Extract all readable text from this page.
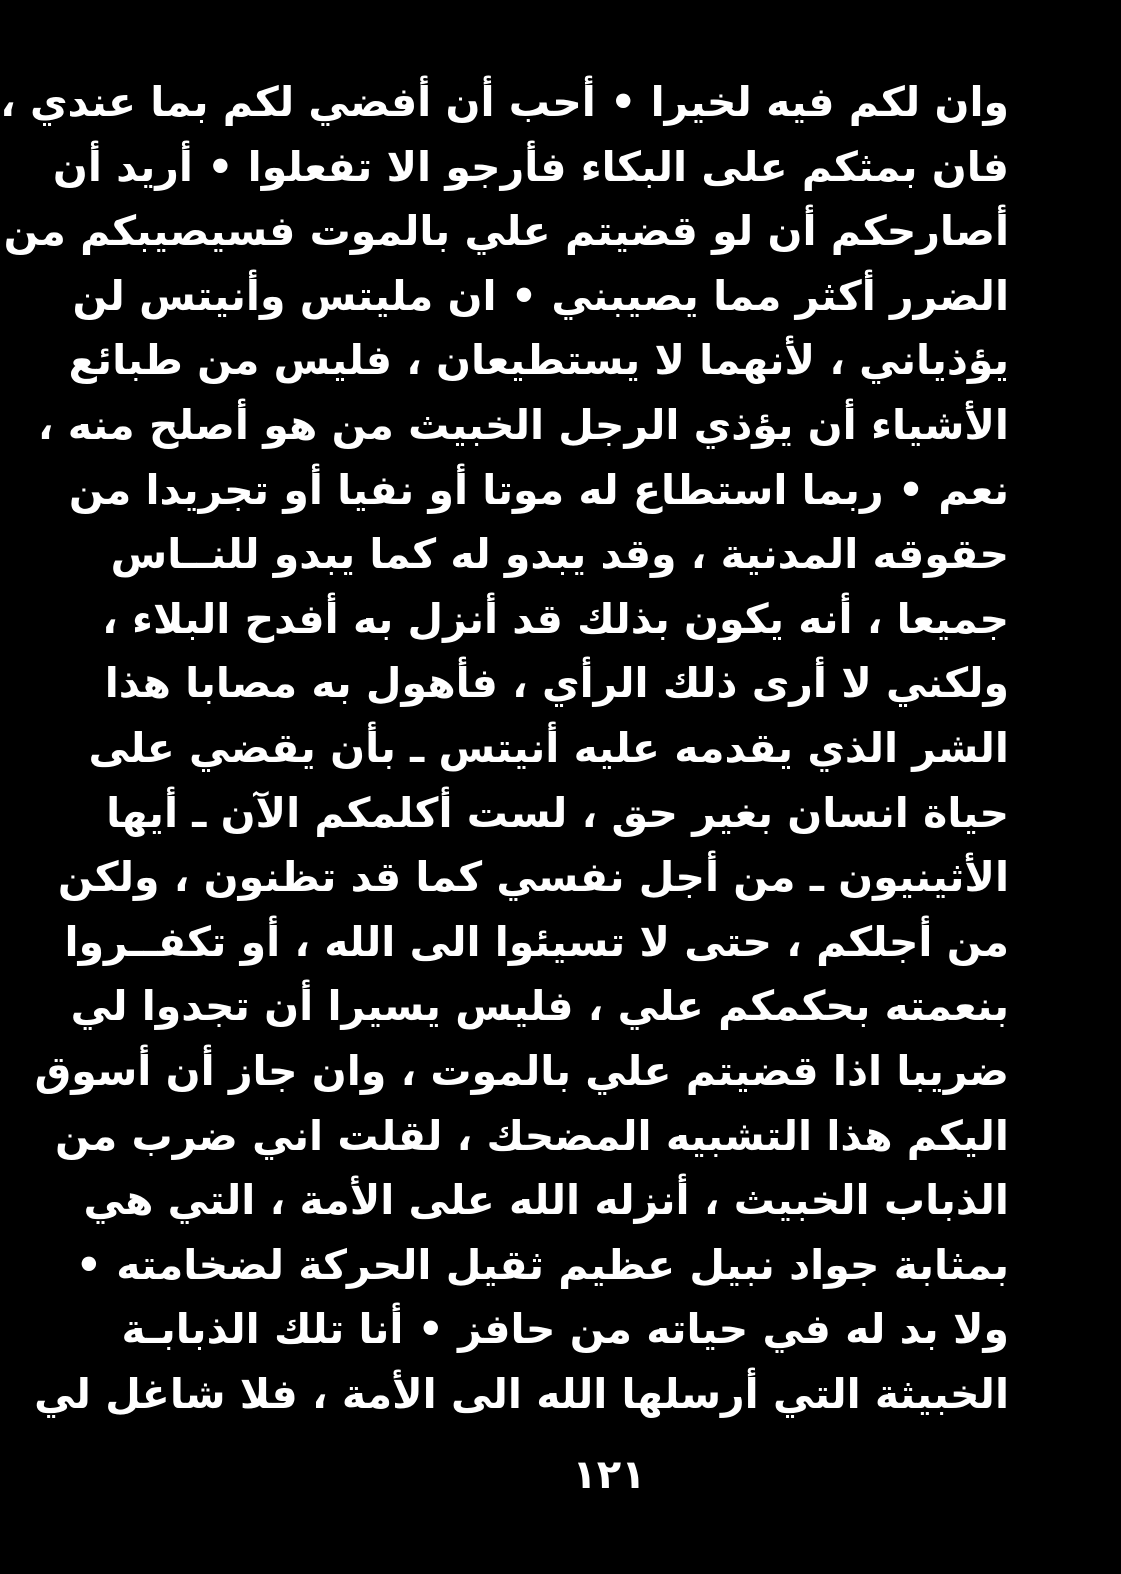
وان لكم فيه لخيرا • أحب أن أفضي لكم بما عندي ،
فان بمثكم على البكاء فأرجو الا تفعلوا • أريد أن
أصارحكم أن لو قضيتم علي بالموت فسيصيبكم من
الضرر أكثر مما يصيبني • ان مليتس وأنيتس لن
يؤذياني ، لأنهما لا يستطيعان ، فليس من طبائع
الأشياء أن يؤذي الرجل الخبيث من هو أصلح منه ،
نعم • ربما استطاع له موتا أو نفيا أو تجريدا من
حقوقه المدنية ، وقد يبدو له كما يبدو للنــاس
جميعا ، أنه يكون بذلك قد أنزل به أفدح البلاء ،
ولكني لا أرى ذلك الرأي ، فأهول به مصابا هذا
الشر الذي يقدمه عليه أنيتس ـ بأن يقضي على
حياة انسان بغير حق ، لست أكلمكم الآن ـ أيها
الأثينيون ـ من أجل نفسي كما قد تظنون ، ولكن
من أجلكم ، حتى لا تسيئوا الى الله ، أو تكفــروا
بنعمته بحكمكم علي ، فليس يسيرا أن تجدوا لي
ضريبا اذا قضيتم علي بالموت ، وان جاز أن أسوق
اليكم هذا التشبيه المضحك ، لقلت اني ضرب من
الذباب الخبيث ، أنزله الله على الأمة ، التي هي
بمثابة جواد نبيل عظيم ثقيل الحركة لضخامته •
ولا بد له في حياته من حافز • أنا تلك الذبابـة
الخبيثة التي أرسلها الله الى الأمة ، فلا شاغل لي
١٢١
